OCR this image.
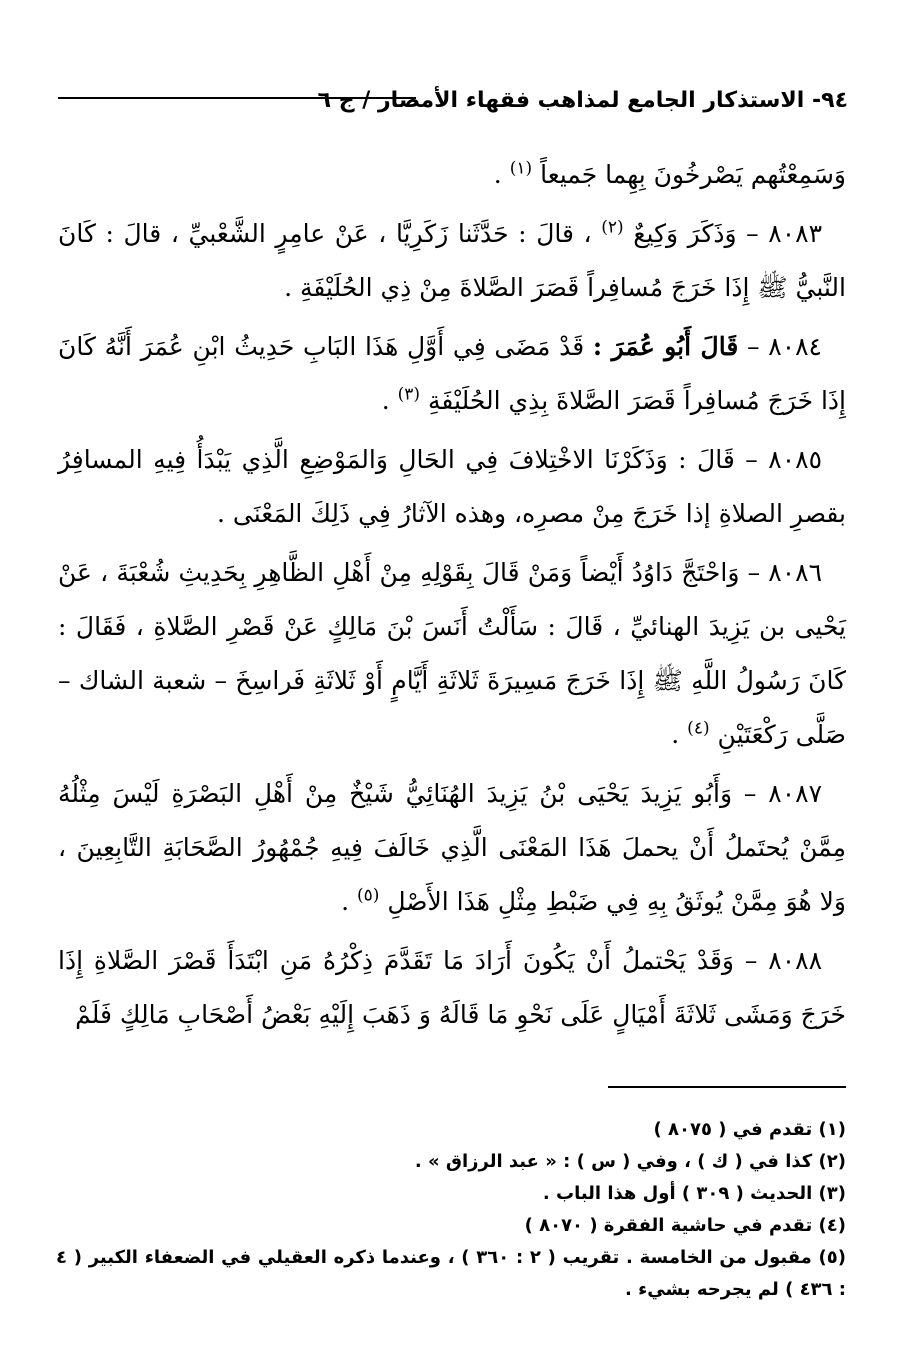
٩٤- الاستذكار الجامع لمذاهب فقهاء الأمصار / ج ٦

وَسَمِعْتُهم يَصْرخُونَ بِهِما جَميعاً $^{(١)}$ .

٨٠٨٣ – وَذَكَرَ وَكِيعٌ $^{(٢)}$ ، قالَ : حَدَّثَنا زَكَرِيَّا ، عَنْ عامِرٍ الشَّعْبيِّ ، قالَ : كَانَ النَّبيُّ ﷺ إِذَا خَرَجَ مُسافِراً قَصَرَ الصَّلاةَ مِنْ ذِي الحُلَيْفَةِ .

٨٠٨٤ – قَالَ أَبُو عُمَرَ : قَدْ مَضَى فِي أَوَّلِ هَذَا البَابِ حَدِيثُ ابْنِ عُمَرَ أَنَّهُ كَانَ إِذَا خَرَجَ مُسافِراً قَصَرَ الصَّلاةَ بِذِي الحُلَيْفَةِ $^{(٣)}$ .

٨٠٨٥ – قَالَ : وَذَكَرْنَا الاخْتِلافَ فِي الحَالِ وَالمَوْضِعِ الَّذِي يَبْدَأُ فِيهِ المسافِرُ بقصرِ الصلاةِ إذا خَرَجَ مِنْ مصرِه، وهذه الآثارُ فِي ذَلِكَ المَعْنَى .

٨٠٨٦ – وَاحْتَجَّ دَاوُدُ أَيْضاً وَمَنْ قَالَ بِقَوْلِهِ مِنْ أَهْلِ الظَّاهِرِ بِحَدِيثِ شُعْبَةَ ، عَنْ يَحْيى بن يَزِيدَ الهنائيِّ ، قَالَ : سَأَلْتُ أَنَسَ بْنَ مَالِكٍ عَنْ قَصْرِ الصَّلاةِ ، فَقَالَ : كَانَ رَسُولُ اللَّهِ ﷺ إِذَا خَرَجَ مَسِيرَةَ ثَلاثَةِ أَيَّامٍ أَوْ ثَلاثَةِ فَراسِخَ – شعبة الشاك – صَلَّى رَكْعَتَيْنِ $^{(٤)}$ .

٨٠٨٧ – وَأَبُو يَزِيدَ يَحْيَى بْنُ يَزِيدَ الهُنَائِيُّ شَيْخٌ مِنْ أَهْلِ البَصْرَةِ لَيْسَ مِثْلُهُ مِمَّنْ يُحتَملُ أَنْ يحملَ هَذَا المَعْنَى الَّذِي خَالَفَ فِيهِ جُمْهُورُ الصَّحَابَةِ التَّابِعِينَ ، وَلا هُوَ مِمَّنْ يُوثَقُ بِهِ فِي ضَبْطِ مِثْلِ هَذَا الأَصْلِ $^{(٥)}$ .

٨٠٨٨ – وَقَدْ يَحْتملُ أَنْ يَكُونَ أَرَادَ مَا تَقَدَّمَ ذِكْرُهُ مَنِ ابْتَدَأَ قَصْرَ الصَّلاةِ إِذَا خَرَجَ وَمَشَى ثَلاثَةَ أَمْيَالٍ عَلَى نَحْوِ مَا قَالَهُ وَ ذَهَبَ إِلَيْهِ بَعْضُ أَصْحَابِ مَالِكٍ فَلَمْ

(١) تقدم في ( ٨٠٧٥ )

(٢) كذا في ( ك ) ، وفي ( س ) : « عبد الرزاق » .

(٣) الحديث ( ٣٠٩ ) أول هذا الباب .

(٤) تقدم في حاشية الفقرة ( ٨٠٧٠ )

(٥) مقبول من الخامسة . تقريب ( ٢ : ٣٦٠ ) ، وعندما ذكره العقيلي في الضعفاء الكبير ( ٤ : ٤٣٦ ) لم يجرحه بشيء .
